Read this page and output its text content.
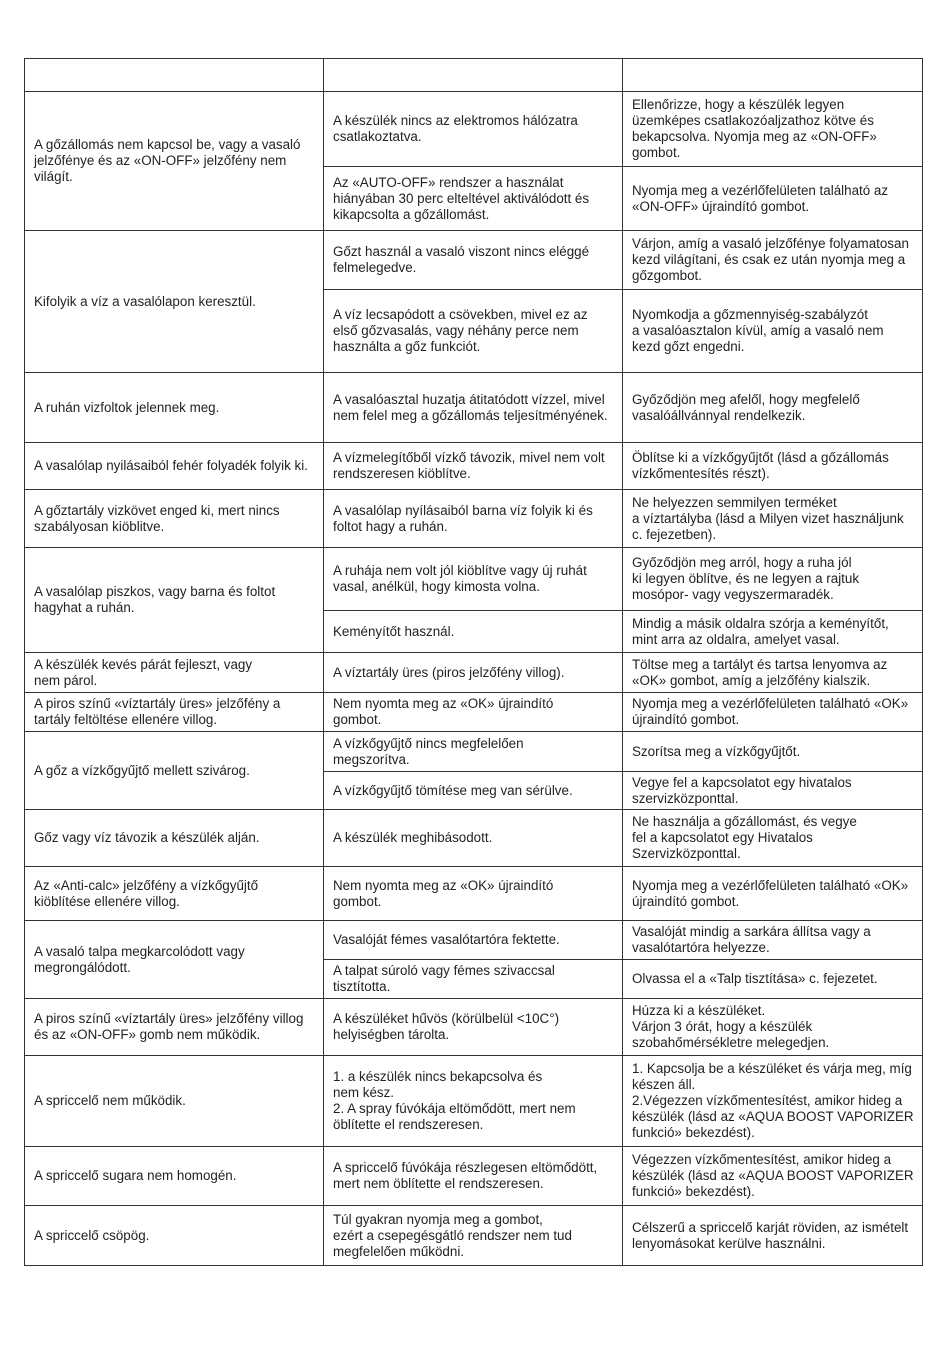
A gőzállomás nem kapcsol be, vagy a vasaló jelzőfénye és az «ON-OFF» jelzőfény nem világít.	A készülék nincs az elektromos hálózatra
csatlakoztatva.	Ellenőrizze, hogy a készülék legyen üzemképes csatlakozóaljzathoz kötve és bekapcsolva. Nyomja meg az «ON-OFF» gombot.

	Az «AUTO-OFF» rendszer a használat hiányában 30 perc elteltével aktiválódott és kikapcsolta a gőzállomást.	Nyomja meg a vezérlőfelületen található az «ON-OFF» újraindító gombot.

Kifolyik a víz a vasalólapon keresztül.	Gőzt használ a vasaló viszont nincs eléggé felmelegedve.	Várjon, amíg a vasaló jelzőfénye folyamatosan kezd világítani, és csak ez után nyomja meg a gőzgombot.

	A víz lecsapódott a csövekben, mivel ez az első gőzvasalás, vagy néhány perce nem használta a gőz funkciót.	Nyomkodja a gőzmennyiség-szabályzót
a vasalóasztalon kívül, amíg a vasaló nem kezd gőzt engedni.

A ruhán vizfoltok jelennek meg.	A vasalóasztal huzatja átitatódott vízzel, mivel nem felel meg a gőzállomás teljesítményének.	Győződjön meg afelől, hogy megfelelő vasalóállvánnyal rendelkezik.

A vasalólap nyilásaiból fehér folyadék folyik ki.	A vízmelegítőből vízkő távozik, mivel nem volt rendszeresen kiöblítve.	Öblítse ki a vízkőgyűjtőt (lásd a gőzállomás vízkőmentesítés részt).

A gőztartály vizkövet enged ki, mert nincs szabályosan kiöblitve.	A vasalólap nyílásaiból barna víz folyik ki és foltot hagy a ruhán.	Ne helyezzen semmilyen terméket
a víztartályba (lásd a Milyen vizet használjunk c. fejezetben).

A vasalólap piszkos, vagy barna és foltot hagyhat a ruhán.	A ruhája nem volt jól kiöblítve vagy új ruhát vasal, anélkül, hogy kimosta volna.	Győződjön meg arról, hogy a ruha jól
ki legyen öblítve, és ne legyen a rajtuk mosópor- vagy vegyszermaradék.

	Keményítőt használ.	Mindig a másik oldalra szórja a keményítőt, mint arra az oldalra, amelyet vasal.

A készülék kevés párát fejleszt, vagy
nem párol.	A víztartály üres (piros jelzőfény villog).	Töltse meg a tartályt és tartsa lenyomva az «OK» gombot, amíg a jelzőfény kialszik.

A piros színű «víztartály üres» jelzőfény a tartály feltöltése ellenére villog.	Nem nyomta meg az «OK» újraindító
gombot.	Nyomja meg a vezérlőfelületen található «OK» újraindító gombot.

A gőz a vízkőgyűjtő mellett szivárog.	A vízkőgyűjtő nincs megfelelően
megszorítva.	Szorítsa meg a vízkőgyűjtőt.

	A vízkőgyűjtő tömítése meg van sérülve.	Vegye fel a kapcsolatot egy hivatalos szervizközponttal.

Gőz vagy víz távozik a készülék alján.	A készülék meghibásodott.	Ne használja a gőzállomást, és vegye
fel a kapcsolatot egy Hivatalos
Szervizközponttal.

Az «Anti-calc» jelzőfény a vízkőgyűjtő kiöblítése ellenére villog.	Nem nyomta meg az «OK» újraindító
gombot.	Nyomja meg a vezérlőfelületen található «OK» újraindító gombot.

A vasaló talpa megkarcolódott vagy megrongálódott.	Vasalóját fémes vasalótartóra fektette.	Vasalóját mindig a sarkára állítsa vagy a vasalótartóra helyezze.

	A talpat súroló vagy fémes szivaccsal tisztította.	Olvassa el a «Talp tisztítása» c. fejezetet.

A piros színű «víztartály üres» jelzőfény villog és az «ON-OFF» gomb nem működik.	A készüléket hűvös (körülbelül <10C°) helyiségben tárolta.	Húzza ki a készüléket.
Várjon 3 órát, hogy a készülék szobahőmérsékletre melegedjen.

A spriccelő nem működik.	1. a készülék nincs bekapcsolva és
nem kész.
2. A spray fúvókája eltömődött, mert nem öblítette el rendszeresen.	1. Kapcsolja be a készüléket és várja meg, míg készen áll.
2.Végezzen vízkőmentesítést, amikor hideg a készülék (lásd az «AQUA BOOST VAPORIZER funkció» bekezdést).

A spriccelő sugara nem homogén.	A spriccelő fúvókája részlegesen eltömődött, mert nem öblítette el rendszeresen.	Végezzen vízkőmentesítést, amikor hideg a készülék (lásd az «AQUA BOOST VAPORIZER funkció» bekezdést).

A spriccelő csöpög.	Túl gyakran nyomja meg a gombot,
ezért a csepegésgátló rendszer nem tud megfelelően működni.	Célszerű a spriccelő karját röviden, az ismételt lenyomásokat kerülve használni.
